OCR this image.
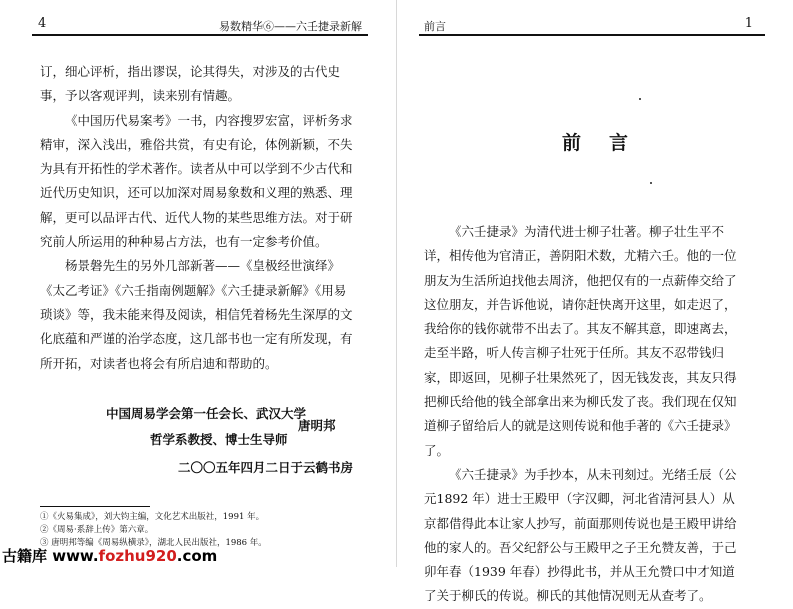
4	易数精华⑥——六壬捷录新解

订，细心评析，指出谬误，论其得失，对涉及的古代史事，予以客观评判，读来别有情趣。

《中国历代易案考》一书，内容搜罗宏富，评析务求精审，深入浅出，雅俗共赏，有史有论，体例新颖，不失为具有开拓性的学术著作。读者从中可以学到不少古代和近代历史知识，还可以加深对周易象数和义理的熟悉、理解，更可以品评古代、近代人物的某些思维方法。对于研究前人所运用的种种易占方法，也有一定参考价值。

杨景磐先生的另外几部新著——《皇极经世演绎》《太乙考证》《六壬指南例题解》《六壬捷录新解》《用易琐谈》等，我未能来得及阅读，相信凭着杨先生深厚的文化底蕴和严谨的治学态度，这几部书也一定有所发现，有所开拓，对读者也将会有所启迪和帮助的。

中国周易学会第一任会长、武汉大学
唐明邦
哲学系教授、博士生导师
二〇〇五年四月二日于云鹤书房
①《火易集成》，刘大钧主编，文化艺术出版社，1991 年。
②《周易·系辞上传》第六章。
③ 唐明邦等编《周易纵横录》，湖北人民出版社，1986 年。
古籍库 www.fozhu920.com
前言	1
前言

《六壬捷录》为清代进士柳子壮著。柳子壮生平不详，相传他为官清正，善阴阳术数，尤精六壬。他的一位朋友为生活所迫找他去周济，他把仅有的一点薪俸交给了这位朋友，并告诉他说，请你赶快离开这里，如走迟了，我给你的钱你就带不出去了。其友不解其意，即速离去，走至半路，听人传言柳子壮死于任所。其友不忍带钱归家，即返回，见柳子壮果然死了，因无钱发丧，其友只得把柳氏给他的钱全部拿出来为柳氏发了丧。我们现在仅知道柳子留给后人的就是这则传说和他手著的《六壬捷录》了。

《六壬捷录》为手抄本，从未刊刻过。光绪壬辰（公元1892 年）进士王殿甲（字汉卿，河北省清河县人）从京都借得此本让家人抄写，前面那则传说也是王殿甲讲给他的家人的。吾父纪舒公与王殿甲之子王允赞友善，于己卯年春（1939 年春）抄得此书，并从王允赞口中才知道了关于柳氏的传说。柳氏的其他情况则无从查考了。
